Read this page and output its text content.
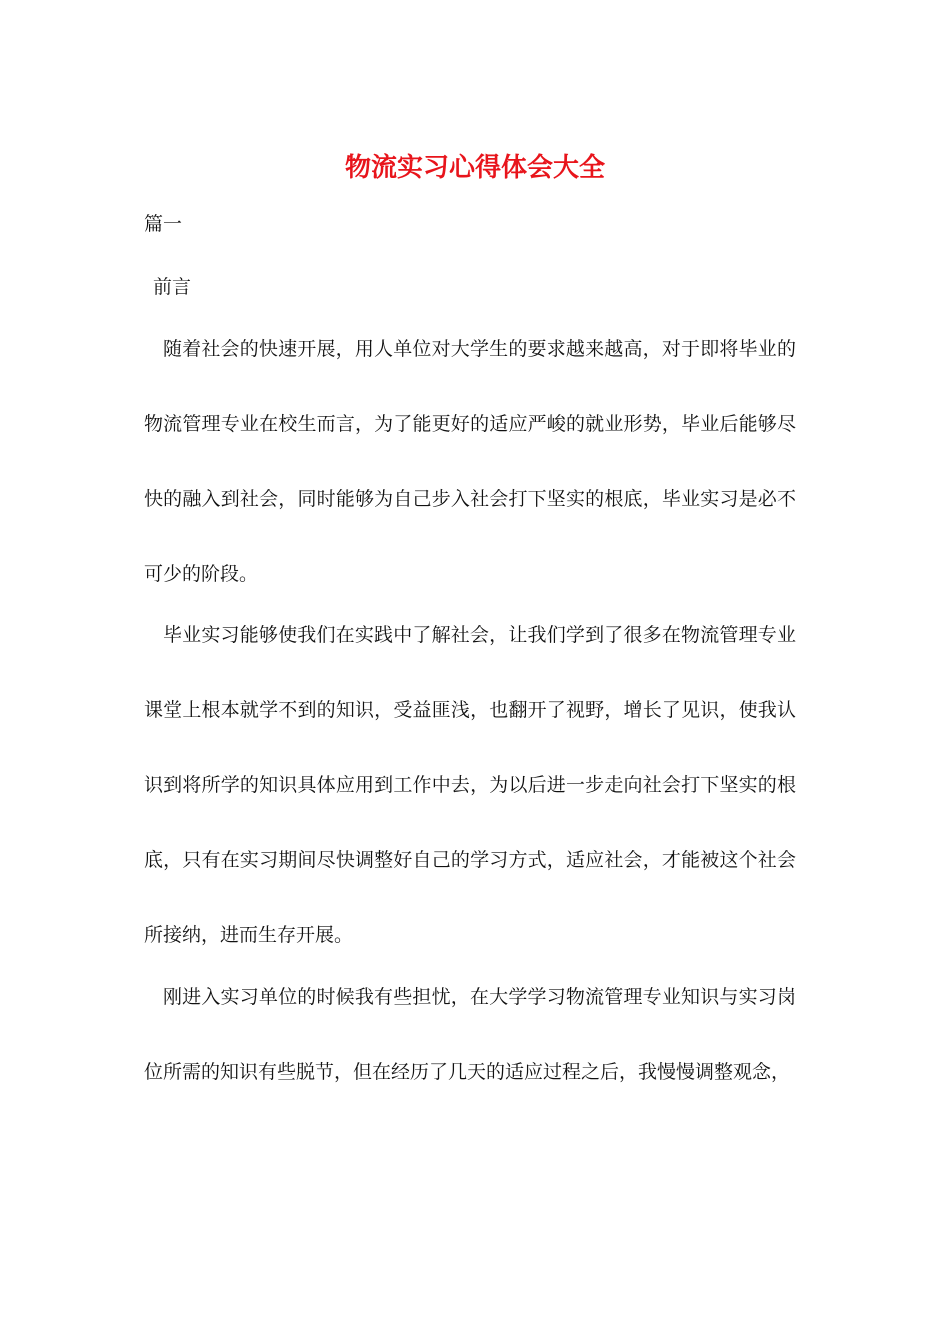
物流实习心得体会大全

篇一

前言

随着社会的快速开展，用人单位对大学生的要求越来越高，对于即将毕业的物流管理专业在校生而言，为了能更好的适应严峻的就业形势，毕业后能够尽快的融入到社会，同时能够为自己步入社会打下坚实的根底，毕业实习是必不可少的阶段。

毕业实习能够使我们在实践中了解社会，让我们学到了很多在物流管理专业课堂上根本就学不到的知识，受益匪浅，也翻开了视野，增长了见识，使我认识到将所学的知识具体应用到工作中去，为以后进一步走向社会打下坚实的根底，只有在实习期间尽快调整好自己的学习方式，适应社会，才能被这个社会所接纳，进而生存开展。

刚进入实习单位的时候我有些担忧，在大学学习物流管理专业知识与实习岗位所需的知识有些脱节，但在经历了几天的适应过程之后，我慢慢调整观念，
